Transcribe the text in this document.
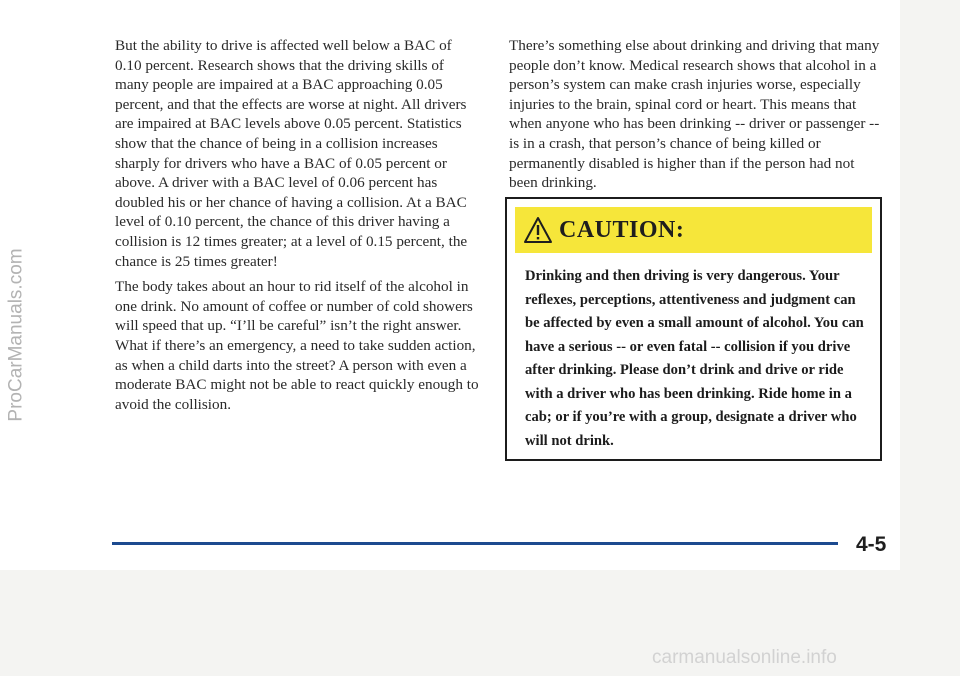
But the ability to drive is affected well below a BAC of 0.10 percent. Research shows that the driving skills of many people are impaired at a BAC approaching 0.05 percent, and that the effects are worse at night. All drivers are impaired at BAC levels above 0.05 percent. Statistics show that the chance of being in a collision increases sharply for drivers who have a BAC of 0.05 percent or above. A driver with a BAC level of 0.06 percent has doubled his or her chance of having a collision. At a BAC level of 0.10 percent, the chance of this driver having a collision is 12 times greater; at a level of 0.15 percent, the chance is 25 times greater!

The body takes about an hour to rid itself of the alcohol in one drink. No amount of coffee or number of cold showers will speed that up. “I’ll be careful” isn’t the right answer. What if there’s an emergency, a need to take sudden action, as when a child darts into the street? A person with even a moderate BAC might not be able to react quickly enough to avoid the collision.

There’s something else about drinking and driving that many people don’t know. Medical research shows that alcohol in a person’s system can make crash injuries worse, especially injuries to the brain, spinal cord or heart. This means that when anyone who has been drinking -- driver or passenger -- is in a crash, that person’s chance of being killed or permanently disabled is higher than if the person had not been drinking.

CAUTION:
Drinking and then driving is very dangerous. Your reflexes, perceptions, attentiveness and judgment can be affected by even a small amount of alcohol. You can have a serious -- or even fatal -- collision if you drive after drinking. Please don’t drink and drive or ride with a driver who has been drinking. Ride home in a cab; or if you’re with a group, designate a driver who will not drink.
4-5
ProCarManuals.com
carmanualsonline.info
